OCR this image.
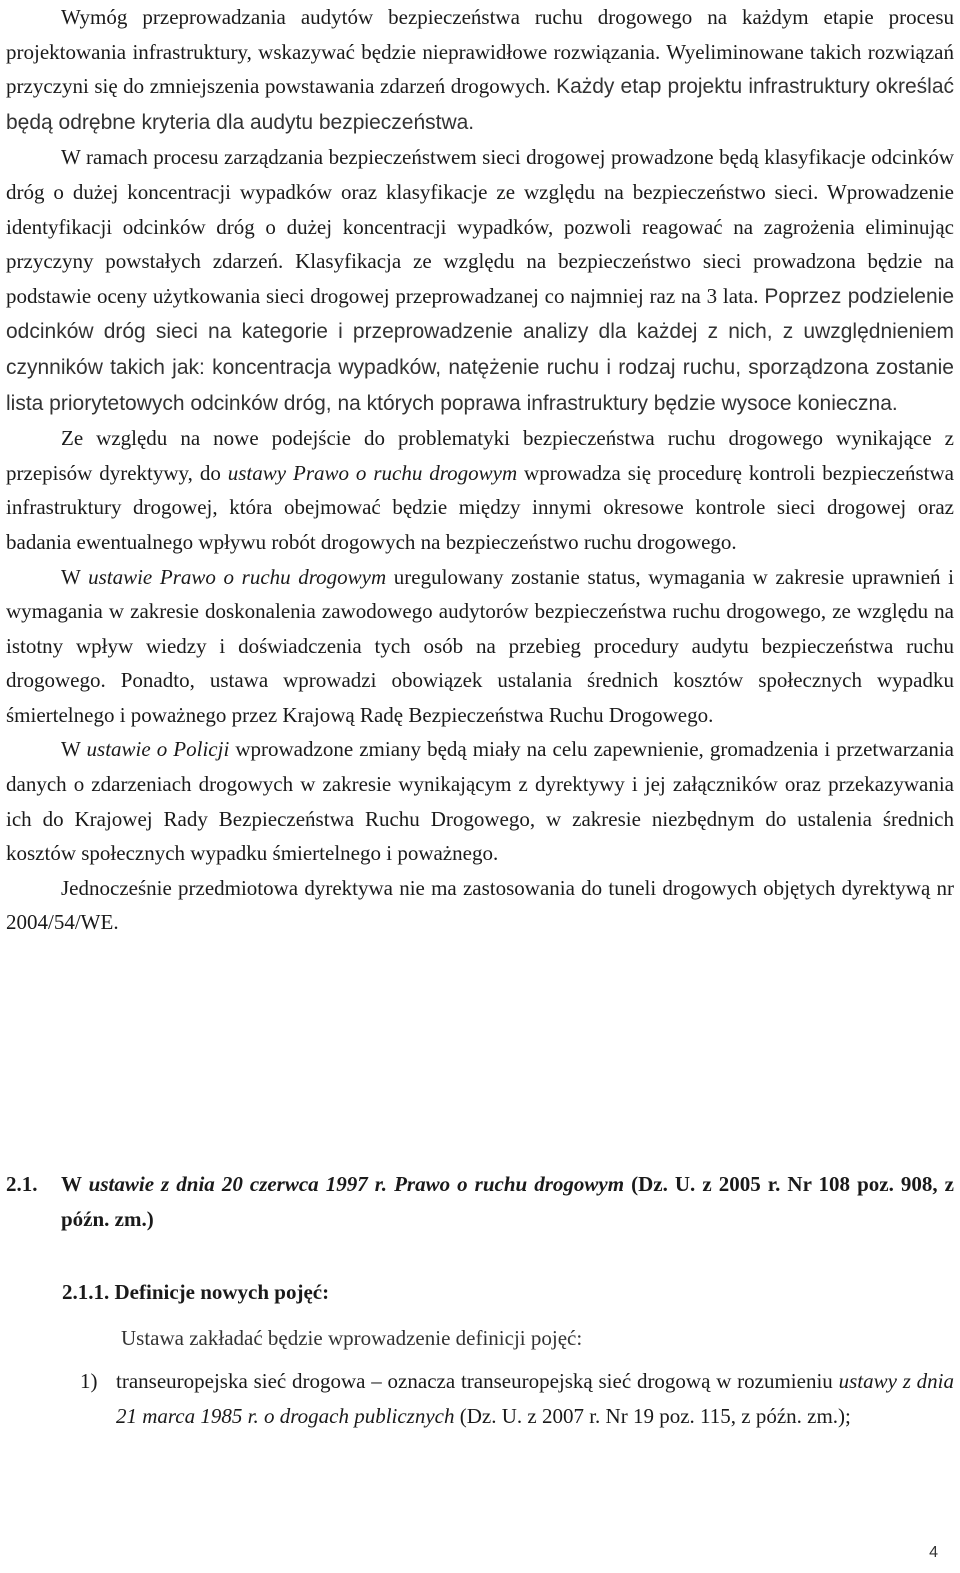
Wymóg przeprowadzania audytów bezpieczeństwa ruchu drogowego na każdym etapie procesu projektowania infrastruktury, wskazywać będzie nieprawidłowe rozwiązania. Wyeliminowane takich rozwiązań przyczyni się do zmniejszenia powstawania zdarzeń drogowych. Każdy etap projektu infrastruktury określać będą odrębne kryteria dla audytu bezpieczeństwa.

W ramach procesu zarządzania bezpieczeństwem sieci drogowej prowadzone będą klasyfikacje odcinków dróg o dużej koncentracji wypadków oraz klasyfikacje ze względu na bezpieczeństwo sieci. Wprowadzenie identyfikacji odcinków dróg o dużej koncentracji wypadków, pozwoli reagować na zagrożenia eliminując przyczyny powstałych zdarzeń. Klasyfikacja ze względu na bezpieczeństwo sieci prowadzona będzie na podstawie oceny użytkowania sieci drogowej przeprowadzanej co najmniej raz na 3 lata. Poprzez podzielenie odcinków dróg sieci na kategorie i przeprowadzenie analizy dla każdej z nich, z uwzględnieniem czynników takich jak: koncentracja wypadków, natężenie ruchu i rodzaj ruchu, sporządzona zostanie lista priorytetowych odcinków dróg, na których poprawa infrastruktury będzie wysoce konieczna.

Ze względu na nowe podejście do problematyki bezpieczeństwa ruchu drogowego wynikające z przepisów dyrektywy, do ustawy Prawo o ruchu drogowym wprowadza się procedurę kontroli bezpieczeństwa infrastruktury drogowej, która obejmować będzie między innymi okresowe kontrole sieci drogowej oraz badania ewentualnego wpływu robót drogowych na bezpieczeństwo ruchu drogowego.

W ustawie Prawo o ruchu drogowym uregulowany zostanie status, wymagania w zakresie uprawnień i wymagania w zakresie doskonalenia zawodowego audytorów bezpieczeństwa ruchu drogowego, ze względu na istotny wpływ wiedzy i doświadczenia tych osób na przebieg procedury audytu bezpieczeństwa ruchu drogowego. Ponadto, ustawa wprowadzi obowiązek ustalania średnich kosztów społecznych wypadku śmiertelnego i poważnego przez Krajową Radę Bezpieczeństwa Ruchu Drogowego.

W ustawie o Policji wprowadzone zmiany będą miały na celu zapewnienie, gromadzenia i przetwarzania danych o zdarzeniach drogowych w zakresie wynikającym z dyrektywy i jej załączników oraz przekazywania ich do Krajowej Rady Bezpieczeństwa Ruchu Drogowego, w zakresie niezbędnym do ustalenia średnich kosztów społecznych wypadku śmiertelnego i poważnego.

Jednocześnie przedmiotowa dyrektywa nie ma zastosowania do tuneli drogowych objętych dyrektywą nr 2004/54/WE.

2.1. W ustawie z dnia 20 czerwca 1997 r. Prawo o ruchu drogowym (Dz. U. z 2005 r. Nr 108 poz. 908, z późn. zm.)
2.1.1. Definicje nowych pojęć:
Ustawa zakładać będzie wprowadzenie definicji pojęć:
1) transeuropejska sieć drogowa – oznacza transeuropejską sieć drogową w rozumieniu ustawy z dnia 21 marca 1985 r. o drogach publicznych (Dz. U. z 2007 r. Nr 19 poz. 115, z późn. zm.);
4
